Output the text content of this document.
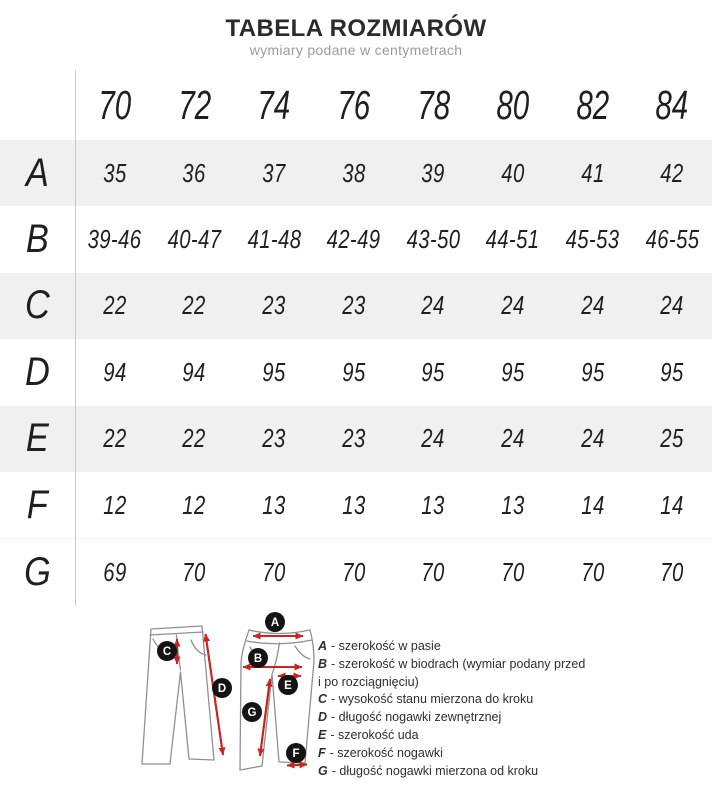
TABELA ROZMIARÓW
wymiary podane w centymetrach
70	72	74	76	78	80	82	84
A	35	36	37	38	39	40	41	42
B	39-46 40-47 41-48 42-49 43-50 44-51 45-53 46-55
C	22	22	23	23	24	24	24	24
D	94	94	95	95	95	95	95	95
E	22	22	23	23	24	24	24	25
F	12	12	13	13	13	13	14	14
G	69	70	70	70	70	70	70	70
C
D
A
B
E
G
F
A - szerokość w pasie
B - szerokość w biodrach (wymiar podany przed
i po rozciągnięciu)
C - wysokość stanu mierzona do kroku
D - długość nogawki zewnętrznej
E - szerokość uda
F - szerokość nogawki
G - długość nogawki mierzona od kroku
